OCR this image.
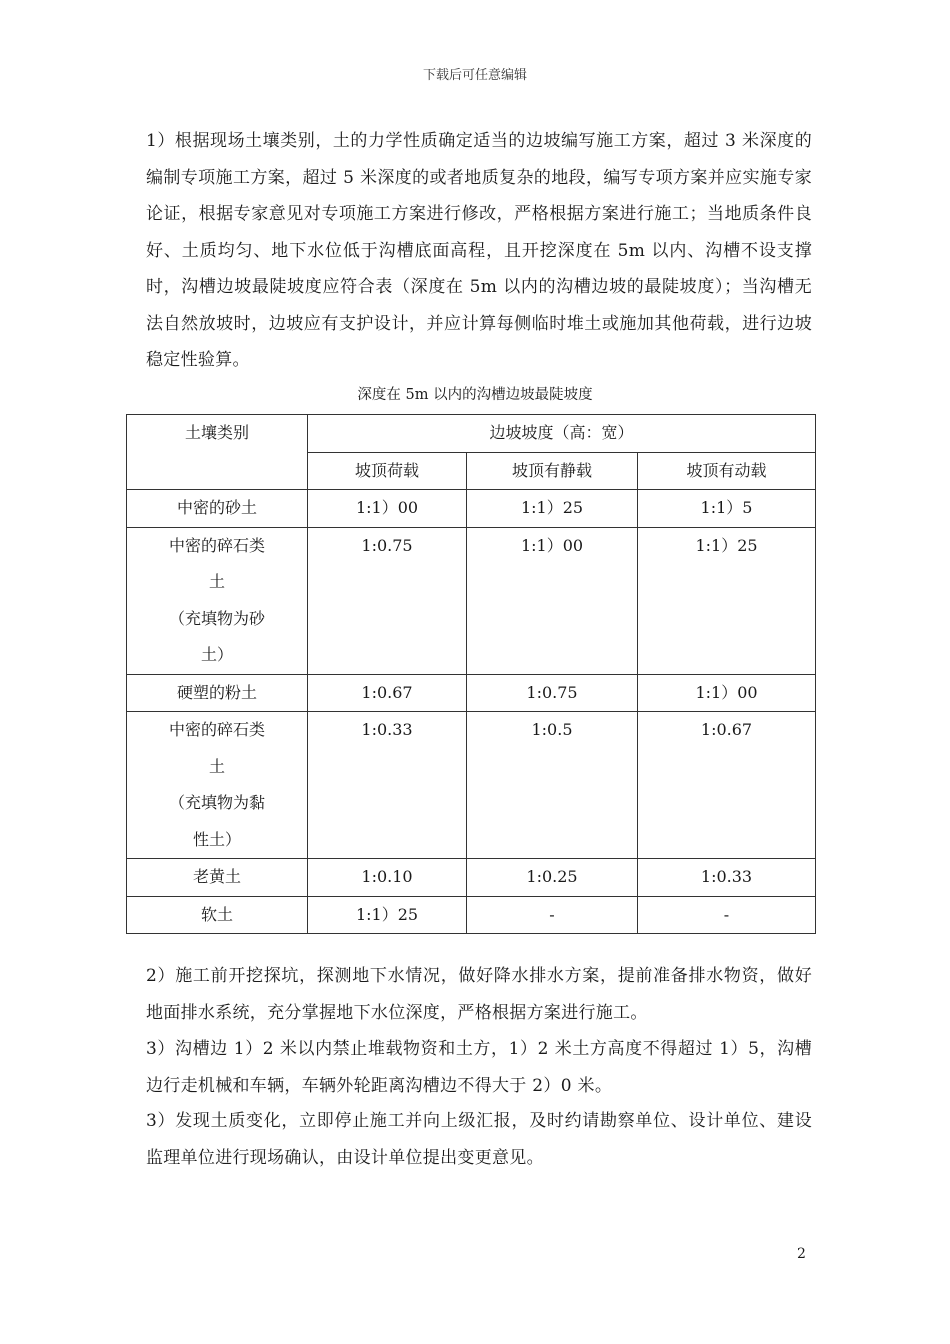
下载后可任意编辑
1）根据现场土壤类别，土的力学性质确定适当的边坡编写施工方案，超过 3 米深度的编制专项施工方案，超过 5 米深度的或者地质复杂的地段，编写专项方案并应实施专家论证，根据专家意见对专项施工方案进行修改，严格根据方案进行施工；当地质条件良好、土质均匀、地下水位低于沟槽底面高程，且开挖深度在 5m 以内、沟槽不设支撑时，沟槽边坡最陡坡度应符合表（深度在 5m 以内的沟槽边坡的最陡坡度）；当沟槽无法自然放坡时，边坡应有支护设计，并应计算每侧临时堆土或施加其他荷载，进行边坡稳定性验算。
深度在 5m 以内的沟槽边坡最陡坡度
土壤类别	边坡坡度（高：宽）		
	坡顶荷载	坡顶有静载	坡顶有动载

中密的砂土	1:1）00	1:1）25	1:1）5

中密的碎石类
土
（充填物为砂
土）	1:0.75	1:1）00	1:1）25

硬塑的粉土	1:0.67	1:0.75	1:1）00

中密的碎石类
土
（充填物为黏
性土）	1:0.33	1:0.5	1:0.67

老黄土	1:0.10	1:0.25	1:0.33

软土	1:1）25	-	-
2）施工前开挖探坑，探测地下水情况，做好降水排水方案，提前准备排水物资，做好地面排水系统，充分掌握地下水位深度，严格根据方案进行施工。
3）沟槽边 1）2 米以内禁止堆载物资和土方，1）2 米土方高度不得超过 1）5，沟槽边行走机械和车辆，车辆外轮距离沟槽边不得大于 2）0 米。
3）发现土质变化，立即停止施工并向上级汇报，及时约请勘察单位、设计单位、建设监理单位进行现场确认，由设计单位提出变更意见。
2
